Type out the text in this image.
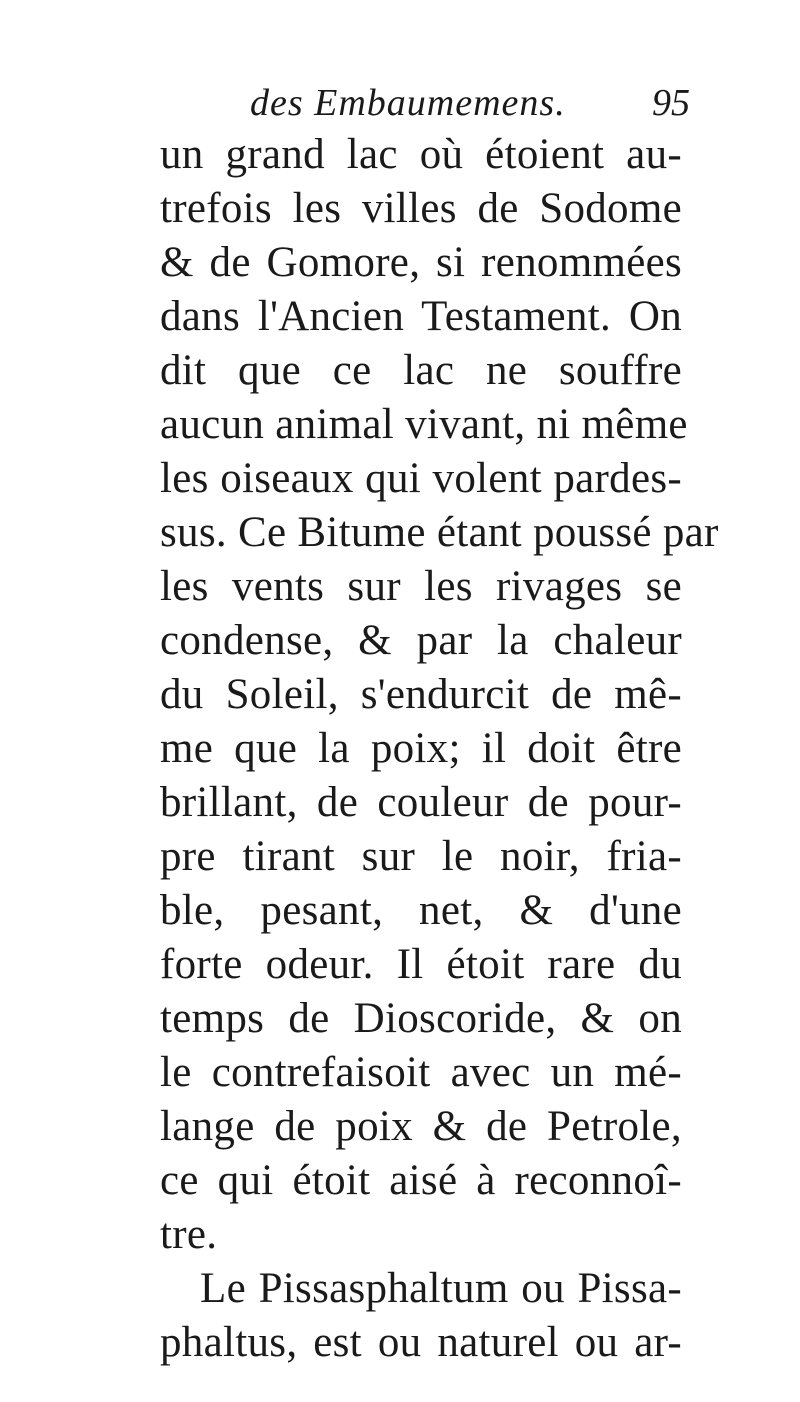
des Embaumemens. 95
un grand lac où étoient au-
trefois les villes de Sodome
& de Gomore, si renommées
dans l'Ancien Testament. On
dit que ce lac ne souffre
aucun animal vivant, ni même
les oiseaux qui volent pardes-
sus. Ce Bitume étant poussé par
les vents sur les rivages se
condense, & par la chaleur
du Soleil, s'endurcit de mê-
me que la poix; il doit être
brillant, de couleur de pour-
pre tirant sur le noir, fria-
ble, pesant, net, & d'une
forte odeur. Il étoit rare du
temps de Dioscoride, & on
le contrefaisoit avec un mé-
lange de poix & de Petrole,
ce qui étoit aisé à reconnoî-
tre.
Le Pissasphaltum ou Pissa-
phaltus, est ou naturel ou ar-
